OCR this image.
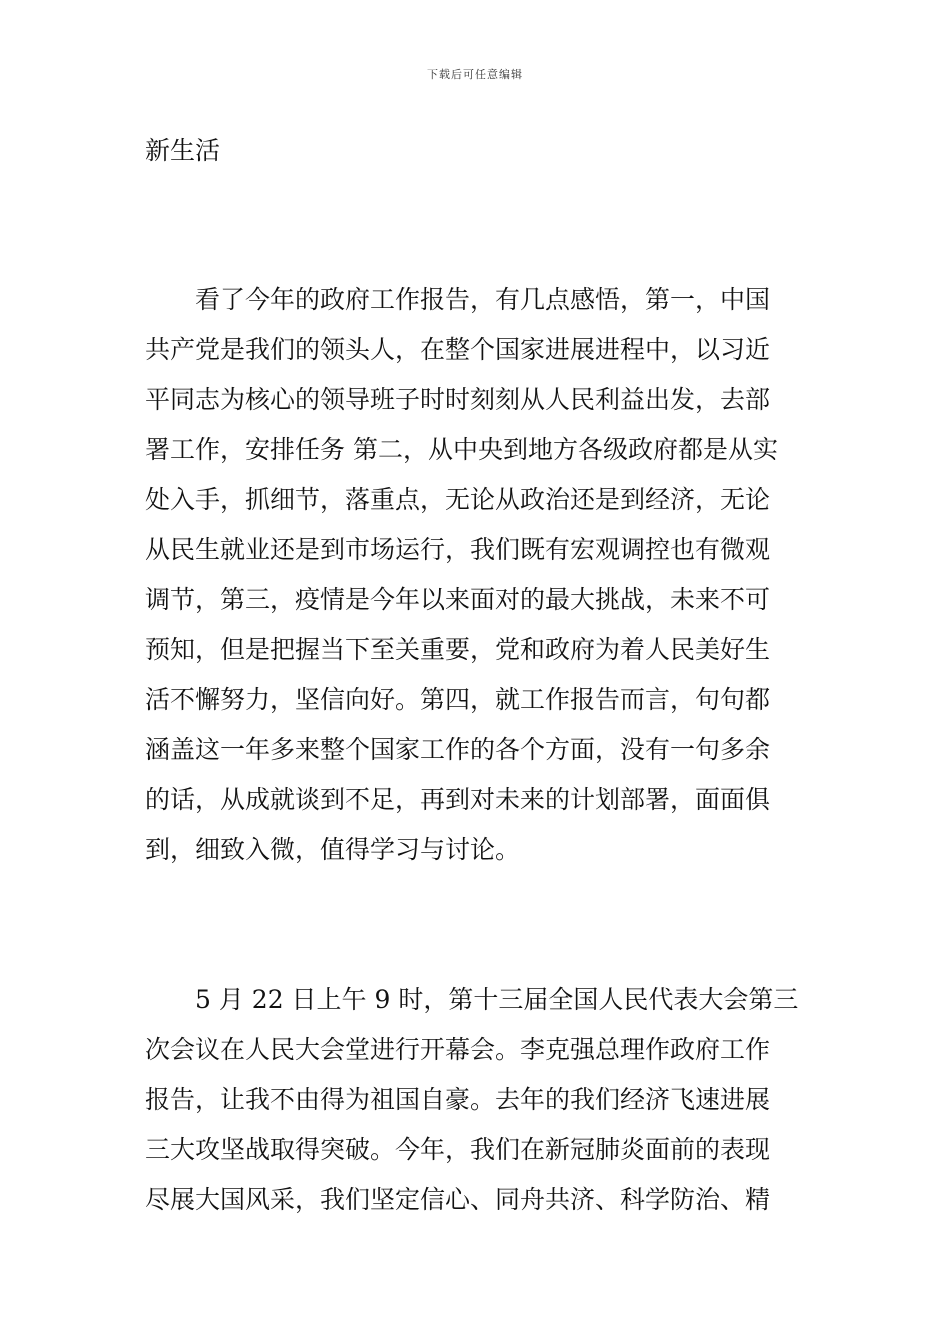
下载后可任意编辑
新生活
看了今年的政府工作报告，有几点感悟，第一，中国
共产党是我们的领头人，在整个国家进展进程中，以习近
平同志为核心的领导班子时时刻刻从人民利益出发，去部
署工作，安排任务 第二，从中央到地方各级政府都是从实
处入手，抓细节，落重点，无论从政治还是到经济，无论
从民生就业还是到市场运行，我们既有宏观调控也有微观
调节，第三，疫情是今年以来面对的最大挑战，未来不可
预知，但是把握当下至关重要，党和政府为着人民美好生
活不懈努力，坚信向好。第四，就工作报告而言，句句都
涵盖这一年多来整个国家工作的各个方面，没有一句多余
的话，从成就谈到不足，再到对未来的计划部署，面面俱
到，细致入微，值得学习与讨论。
5 月 22 日上午 9 时，第十三届全国人民代表大会第三
次会议在人民大会堂进行开幕会。李克强总理作政府工作
报告，让我不由得为祖国自豪。去年的我们经济飞速进展
三大攻坚战取得突破。今年，我们在新冠肺炎面前的表现
尽展大国风采，我们坚定信心、同舟共济、科学防治、精
